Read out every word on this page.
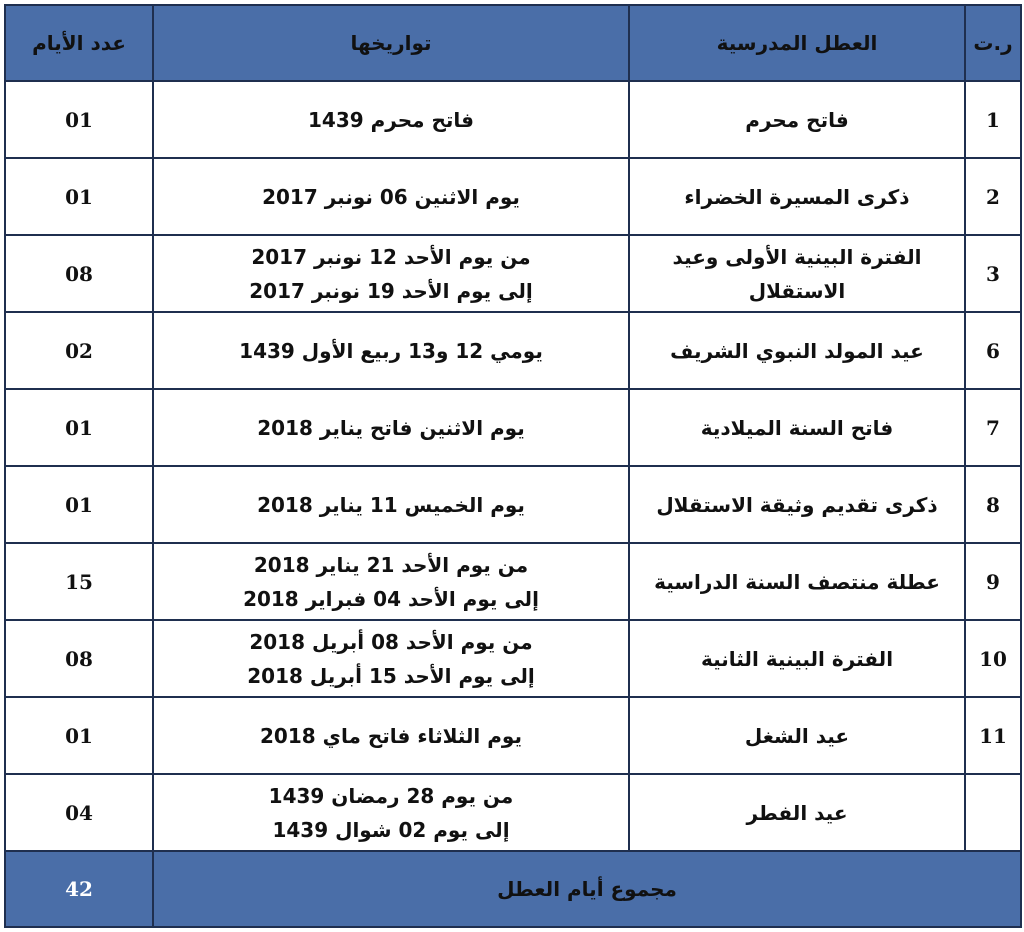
ر.ت	العطل المدرسية	تواريخها	عدد الأيام
1	فاتح محرم	فاتح محرم 1439	01
2	ذكرى المسيرة الخضراء	يوم الاثنين 06 نونبر 2017	01
3	الفترة البينية الأولى وعيد الاستقلال	من يوم الأحد 12 نونبر 2017
إلى يوم الأحد 19 نونبر 2017	08
6	عيد المولد النبوي الشريف	يومي 12 و13 ربيع الأول 1439	02
7	فاتح السنة الميلادية	يوم الاثنين فاتح يناير 2018	01
8	ذكرى تقديم وثيقة الاستقلال	يوم الخميس 11 يناير 2018	01
9	عطلة منتصف السنة الدراسية	من يوم الأحد 21 يناير 2018
إلى يوم الأحد 04 فبراير 2018	15
10	الفترة البينية الثانية	من يوم الأحد 08 أبريل 2018
إلى يوم الأحد 15 أبريل 2018	08
11	عيد الشغل	يوم الثلاثاء فاتح ماي 2018	01
	عيد الفطر	من يوم 28 رمضان 1439
إلى يوم 02 شوال 1439	04
مجموع أيام العطل			42
